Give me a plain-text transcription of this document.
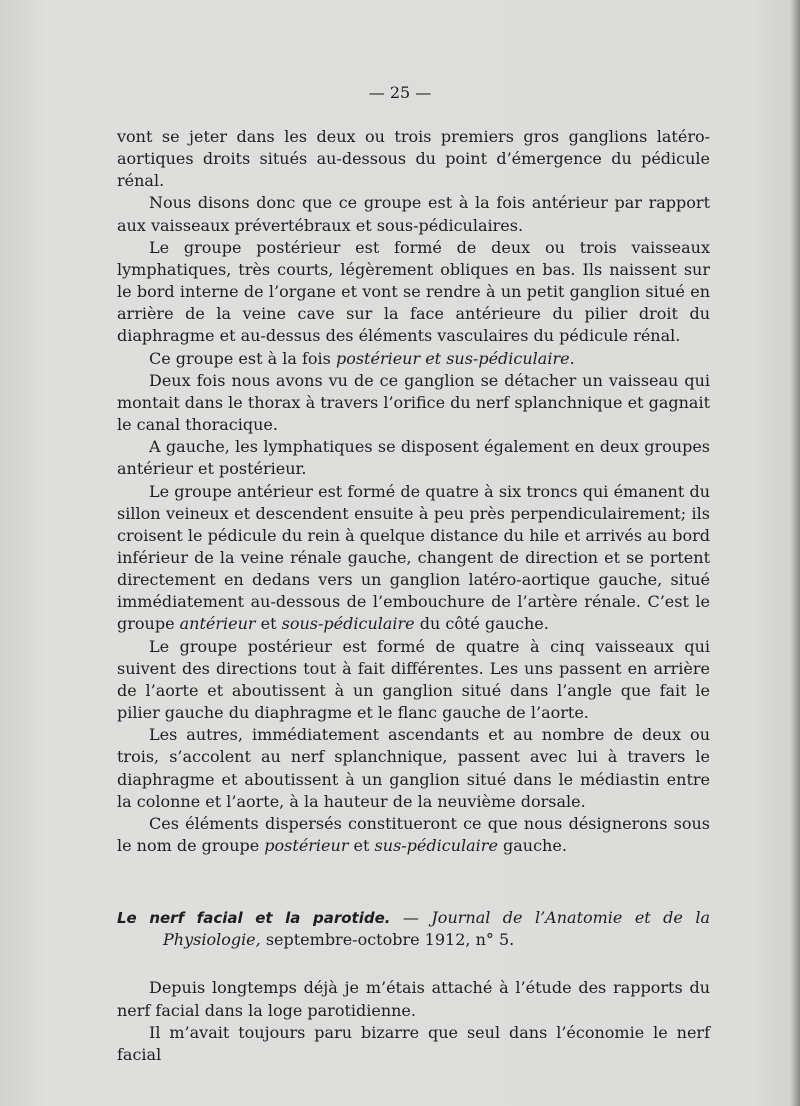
— 25 —

vont se jeter dans les deux ou trois premiers gros ganglions latéro-aortiques droits situés au-dessous du point d’émergence du pédicule rénal.

Nous disons donc que ce groupe est à la fois antérieur par rapport aux vaisseaux prévertébraux et sous-pédiculaires.

Le groupe postérieur est formé de deux ou trois vaisseaux lymphatiques, très courts, légèrement obliques en bas. Ils naissent sur le bord interne de l’organe et vont se rendre à un petit ganglion situé en arrière de la veine cave sur la face antérieure du pilier droit du diaphragme et au-dessus des éléments vasculaires du pédicule rénal.

Ce groupe est à la fois postérieur et sus-pédiculaire.

Deux fois nous avons vu de ce ganglion se détacher un vaisseau qui montait dans le thorax à travers l’orifice du nerf splanchnique et gagnait le canal thoracique.

A gauche, les lymphatiques se disposent également en deux groupes antérieur et postérieur.

Le groupe antérieur est formé de quatre à six troncs qui émanent du sillon veineux et descendent ensuite à peu près perpendiculairement; ils croisent le pédicule du rein à quelque distance du hile et arrivés au bord inférieur de la veine rénale gauche, changent de direction et se portent directement en dedans vers un ganglion latéro-aortique gauche, situé immédiatement au-dessous de l’embouchure de l’artère rénale. C’est le groupe antérieur et sous-pédiculaire du côté gauche.

Le groupe postérieur est formé de quatre à cinq vaisseaux qui suivent des directions tout à fait différentes. Les uns passent en arrière de l’aorte et aboutissent à un ganglion situé dans l’angle que fait le pilier gauche du diaphragme et le flanc gauche de l’aorte.

Les autres, immédiatement ascendants et au nombre de deux ou trois, s’accolent au nerf splanchnique, passent avec lui à travers le diaphragme et aboutissent à un ganglion situé dans le médiastin entre la colonne et l’aorte, à la hauteur de la neuvième dorsale.

Ces éléments dispersés constitueront ce que nous désignerons sous le nom de groupe postérieur et sus-pédiculaire gauche.

Le nerf facial et la parotide. — Journal de l’Anatomie et de la Physiologie, septembre-octobre 1912, n° 5.

Depuis longtemps déjà je m’étais attaché à l’étude des rapports du nerf facial dans la loge parotidienne.

Il m’avait toujours paru bizarre que seul dans l’économie le nerf facial
